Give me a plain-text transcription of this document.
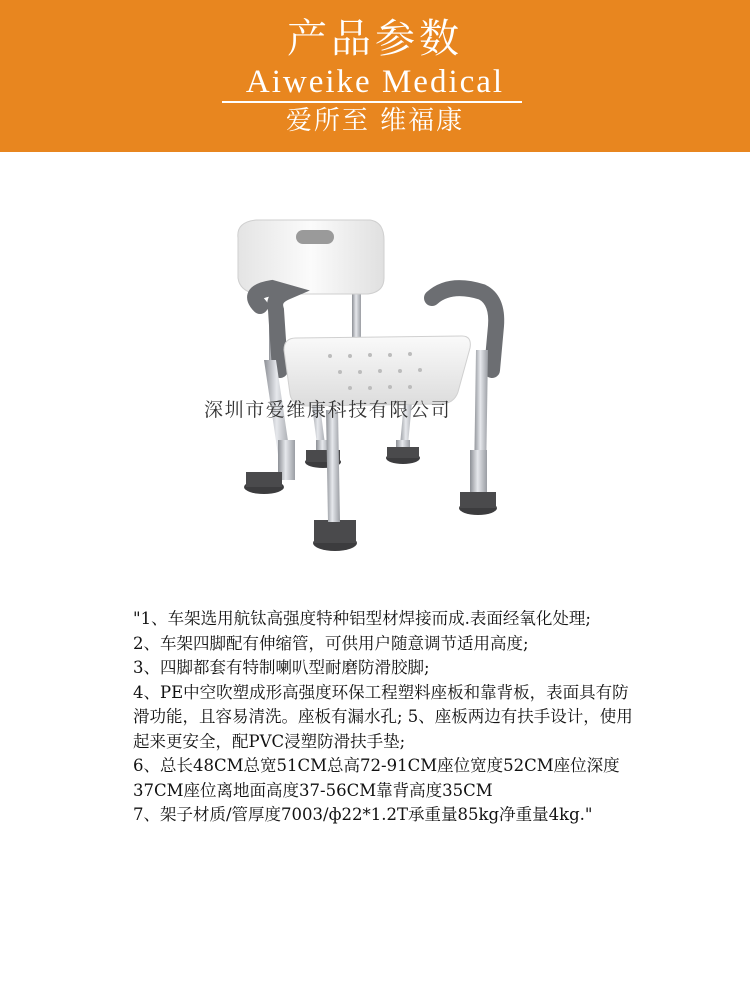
产品参数
Aiweike Medical
爱所至 维福康
深圳市爱维康科技有限公司

"1、车架选用航钛高强度特种铝型材焊接而成.表面经氧化处理;

2、车架四脚配有伸缩管，可供用户随意调节适用高度;

3、四脚都套有特制喇叭型耐磨防滑胶脚;

4、PE中空吹塑成形高强度环保工程塑料座板和靠背板，表面具有防滑功能，且容易清洗。座板有漏水孔; 5、座板两边有扶手设计，使用起来更安全，配PVC浸塑防滑扶手垫;

6、总长48CM总宽51CM总高72-91CM座位宽度52CM座位深度37CM座位离地面高度37-56CM靠背高度35CM

7、架子材质/管厚度7003/ф22*1.2T承重量85kg净重量4kg."
